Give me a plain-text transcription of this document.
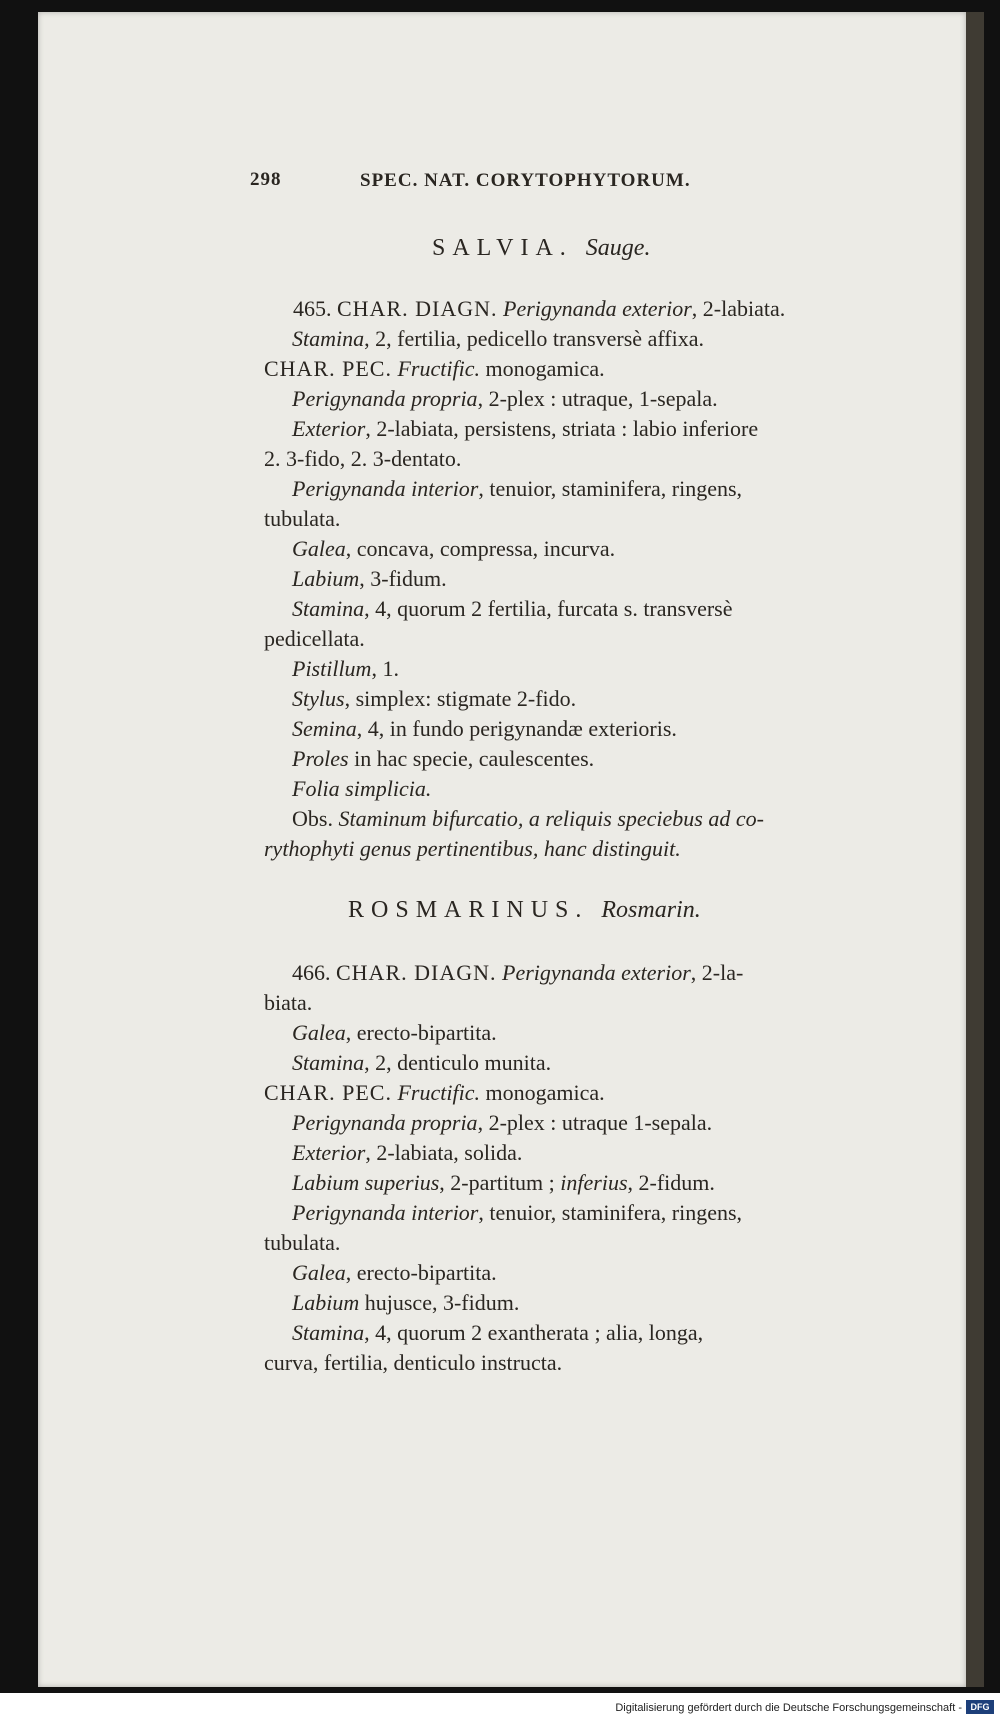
298	SPEC. NAT. CORYTOPHYTORUM.
SALVIA. Sauge.
465. CHAR. DIAGN. Perigynanda exterior, 2-labiata.
Stamina, 2, fertilia, pedicello transversè affixa.
CHAR. PEC. Fructific. monogamica.
Perigynanda propria, 2-plex : utraque, 1-sepala.
Exterior, 2-labiata, persistens, striata : labio inferiore
2. 3-fido, 2. 3-dentato.
Perigynanda interior, tenuior, staminifera, ringens,
tubulata.
Galea, concava, compressa, incurva.
Labium, 3-fidum.
Stamina, 4, quorum 2 fertilia, furcata s. transversè
pedicellata.
Pistillum, 1.
Stylus, simplex: stigmate 2-fido.
Semina, 4, in fundo perigynandæ exterioris.
Proles in hac specie, caulescentes.
Folia simplicia.
Obs. Staminum bifurcatio, a reliquis speciebus ad co-
rythophyti genus pertinentibus, hanc distinguit.
ROSMARINUS. Rosmarin.
466. CHAR. DIAGN. Perigynanda exterior, 2-la-
biata.
Galea, erecto-bipartita.
Stamina, 2, denticulo munita.
CHAR. PEC. Fructific. monogamica.
Perigynanda propria, 2-plex : utraque 1-sepala.
Exterior, 2-labiata, solida.
Labium superius, 2-partitum ; inferius, 2-fidum.
Perigynanda interior, tenuior, staminifera, ringens,
tubulata.
Galea, erecto-bipartita.
Labium hujusce, 3-fidum.
Stamina, 4, quorum 2 exantherata ; alia, longa,
curva, fertilia, denticulo instructa.
Digitalisierung gefördert durch die Deutsche Forschungsgemeinschaft - DFG
